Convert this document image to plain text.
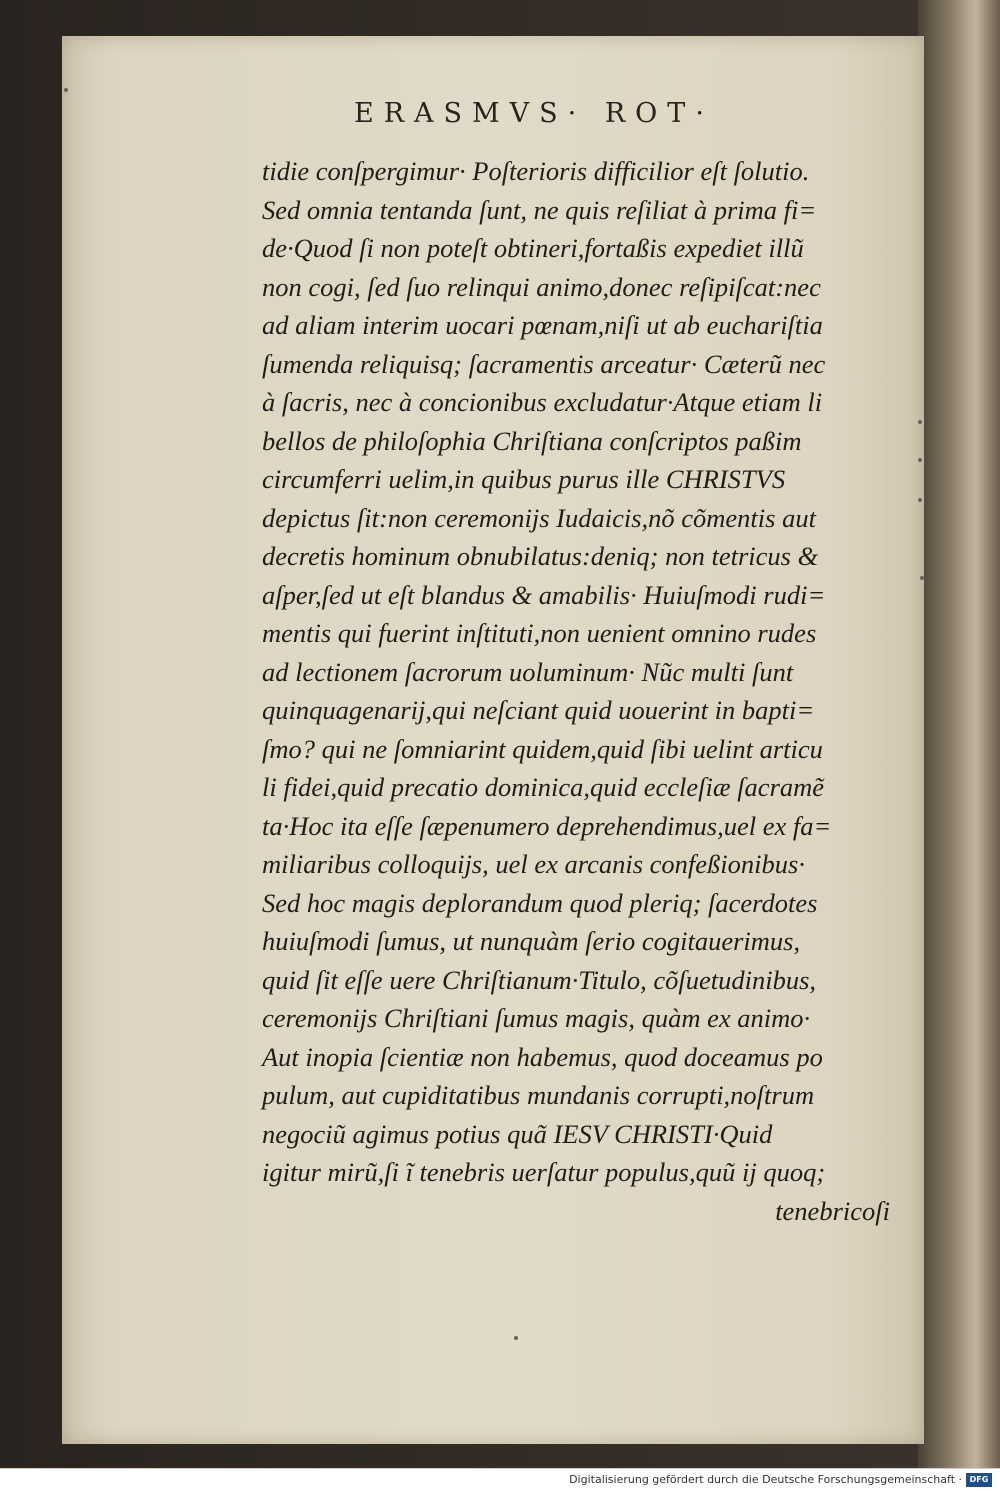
ERASMVS· ROT·
tidie conſpergimur· Poſterioris difficilior eſt ſolutio.
Sed omnia tentanda ſunt, ne quis reſiliat à prima fi=
de·Quod ſi non poteſt obtineri,fortaßis expediet illũ
non cogi, ſed ſuo relinqui animo,donec reſipiſcat:nec
ad aliam interim uocari pœnam,niſi ut ab euchariſtia
ſumenda reliquisq; ſacramentis arceatur· Cæterũ nec
à ſacris, nec à concionibus excludatur·Atque etiam li
bellos de philoſophia Chriſtiana conſcriptos paßim
circumferri uelim,in quibus purus ille CHRISTVS
depictus ſit:non ceremonijs Iudaicis,nõ cõmentis aut
decretis hominum obnubilatus:deniq; non tetricus &
aſper,ſed ut eſt blandus & amabilis· Huiuſmodi rudi=
mentis qui fuerint inſtituti,non uenient omnino rudes
ad lectionem ſacrorum uoluminum· Nũc multi ſunt
quinquagenarij,qui neſciant quid uouerint in bapti=
ſmo? qui ne ſomniarint quidem,quid ſibi uelint articu
li fidei,quid precatio dominica,quid eccleſiæ ſacramẽ
ta·Hoc ita eſſe ſæpenumero deprehendimus,uel ex fa=
miliaribus colloquijs, uel ex arcanis confeßionibus·
Sed hoc magis deplorandum quod pleriq; ſacerdotes
huiuſmodi ſumus, ut nunquàm ſerio cogitauerimus,
quid ſit eſſe uere Chriſtianum·Titulo, cõſuetudinibus,
ceremonijs Chriſtiani ſumus magis, quàm ex animo·
Aut inopia ſcientiæ non habemus, quod doceamus po
pulum, aut cupiditatibus mundanis corrupti,noſtrum
negociũ agimus potius quã IESV CHRISTI·Quid
igitur mirũ,ſi ĩ tenebris uerſatur populus,quũ ij quoq;
tenebricoſi
Digitalisierung gefördert durch die Deutsche Forschungsgemeinschaft · DFG
